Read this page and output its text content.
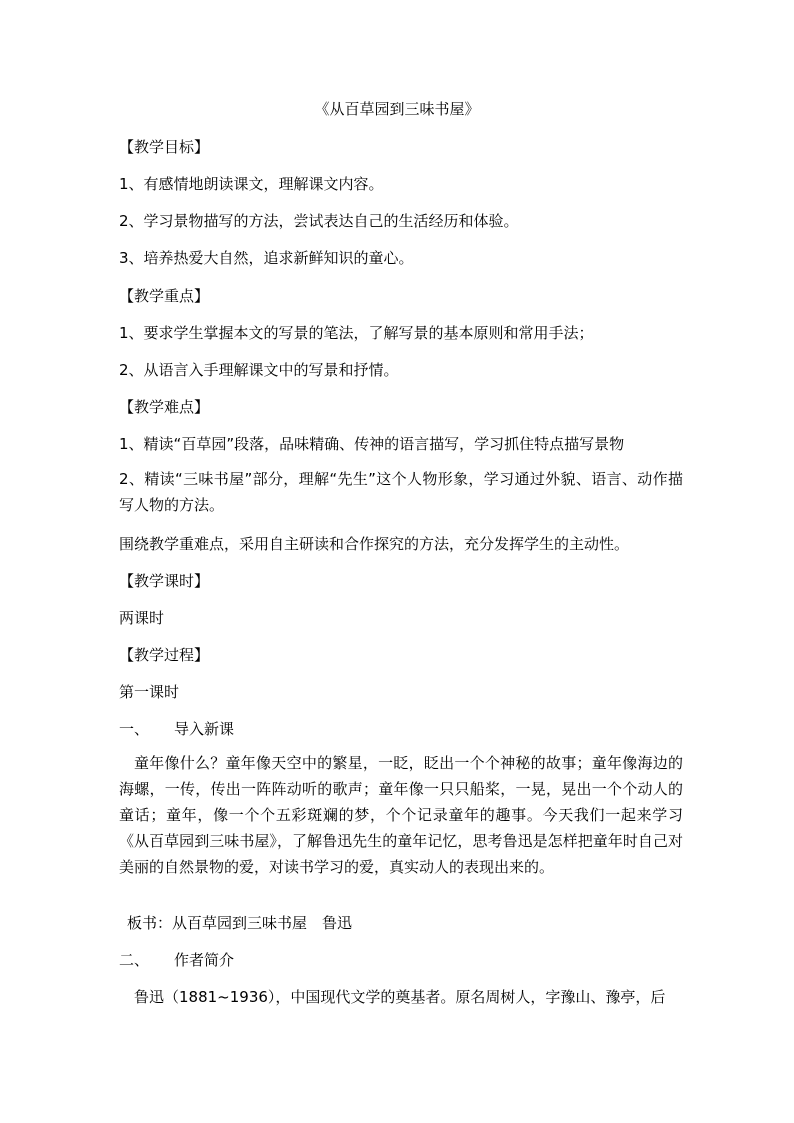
《从百草园到三味书屋》
【教学目标】
1、有感情地朗读课文，理解课文内容。
2、学习景物描写的方法，尝试表达自己的生活经历和体验。
3、培养热爱大自然，追求新鲜知识的童心。
【教学重点】
1、要求学生掌握本文的写景的笔法，了解写景的基本原则和常用手法；
2、从语言入手理解课文中的写景和抒情。
【教学难点】
1、精读“百草园”段落，品味精确、传神的语言描写，学习抓住特点描写景物
2、精读“三味书屋”部分，理解“先生”这个人物形象，学习通过外貌、语言、动作描写人物的方法。
围绕教学重难点，采用自主研读和合作探究的方法，充分发挥学生的主动性。
【教学课时】
两课时
【教学过程】
第一课时
一、 导入新课
童年像什么？童年像天空中的繁星，一眨，眨出一个个神秘的故事；童年像海边的海螺，一传，传出一阵阵动听的歌声；童年像一只只船桨，一晃，晃出一个个动人的童话；童年，像一个个五彩斑斓的梦，个个记录童年的趣事。今天我们一起来学习《从百草园到三味书屋》，了解鲁迅先生的童年记忆，思考鲁迅是怎样把童年时自己对美丽的自然景物的爱，对读书学习的爱，真实动人的表现出来的。
板书：从百草园到三味书屋　鲁迅
二、 作者简介
鲁迅（1881~1936），中国现代文学的奠基者。原名周树人，字豫山、豫亭，后
